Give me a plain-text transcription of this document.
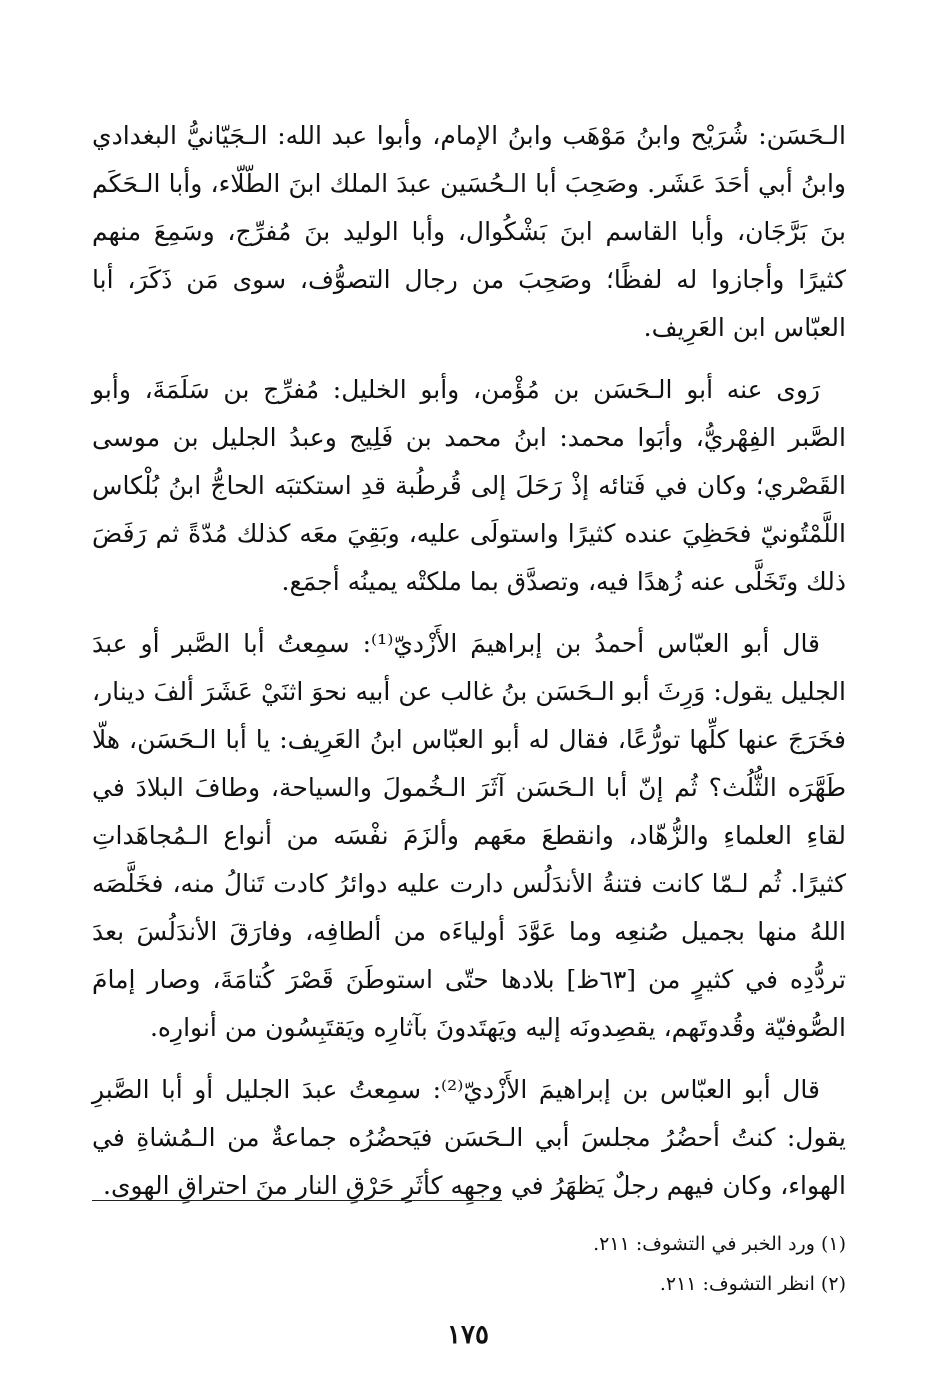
الـحَسَن: شُرَيْح وابنُ مَوْهَب وابنُ الإمام، وأبوا عبد الله: الـجَيّانيُّ البغدادي وابنُ أبي أحَدَ عَشَر. وصَحِبَ أبا الـحُسَين عبدَ الملك ابنَ الطّلّاء، وأبا الـحَكَم بنَ بَرَّجَان، وأبا القاسم ابنَ بَشْكُوال، وأبا الوليد بنَ مُفرِّج، وسَمِعَ منهم كثيرًا وأجازوا له لفظًا؛ وصَحِبَ من رجال التصوُّف، سوى مَن ذَكَرَ، أبا العبّاس ابن العَرِيف.

رَوى عنه أبو الـحَسَن بن مُؤْمن، وأبو الخليل: مُفرِّج بن سَلَمَةَ، وأبو الصَّبر الفِهْريُّ، وأبَوا محمد: ابنُ محمد بن فَلِيج وعبدُ الجليل بن موسى القَصْري؛ وكان في فَتائه إذْ رَحَلَ إلى قُرطُبة قدِ استكتبَه الحاجُّ ابنُ بُلْكاس اللَّمْتُونيّ فحَظِيَ عنده كثيرًا واستولَى عليه، وبَقِيَ معَه كذلك مُدّةً ثم رَفَضَ ذلك وتَخَلَّى عنه زُهدًا فيه، وتصدَّق بما ملكتْه يمينُه أجمَع.

قال أبو العبّاس أحمدُ بن إبراهيمَ الأَزْديّ⁽¹⁾: سمِعتُ أبا الصَّبر أو عبدَ الجليل يقول: وَرِثَ أبو الـحَسَن بنُ غالب عن أبيه نحوَ اثنَيْ عَشَرَ ألفَ دينار، فخَرَجَ عنها كلِّها تورُّعًا، فقال له أبو العبّاس ابنُ العَرِيف: يا أبا الـحَسَن، هلّا طَهَّرَه الثُّلُث؟ ثُم إنّ أبا الـحَسَن آثَرَ الـخُمولَ والسياحة، وطافَ البلادَ في لقاءِ العلماءِ والزُّهّاد، وانقطعَ معَهم وألزَمَ نفْسَه من أنواع الـمُجاهَداتِ كثيرًا. ثُم لـمّا كانت فتنةُ الأندَلُس دارت عليه دوائرُ كادت تَنالُ منه، فخَلَّصَه اللهُ منها بجميل صُنعِه وما عَوَّدَ أولياءَه من ألطافِه، وفارَقَ الأندَلُسَ بعدَ تردُّدِه في كثيرٍ من [٦٣ظ] بلادها حتّى استوطَنَ قَصْرَ كُتامَةَ، وصار إمامَ الصُّوفيّة وقُدوتَهم، يقصِدونَه إليه ويَهتَدونَ بآثارِه ويَقتَبِسُون من أنوارِه.

قال أبو العبّاس بن إبراهيمَ الأَزْديّ⁽²⁾: سمِعتُ عبدَ الجليل أو أبا الصَّبرِ يقول: كنتُ أحضُرُ مجلسَ أبي الـحَسَن فيَحضُرُه جماعةٌ من الـمُشاةِ في الهواء، وكان فيهم رجلٌ يَظهَرُ في وجهِه كأثَرِ حَرْقِ النار منَ احتراقِ الهوى.

(١) ورد الخبر في التشوف: ٢١١.

(٢) انظر التشوف: ٢١١.

١٧٥
